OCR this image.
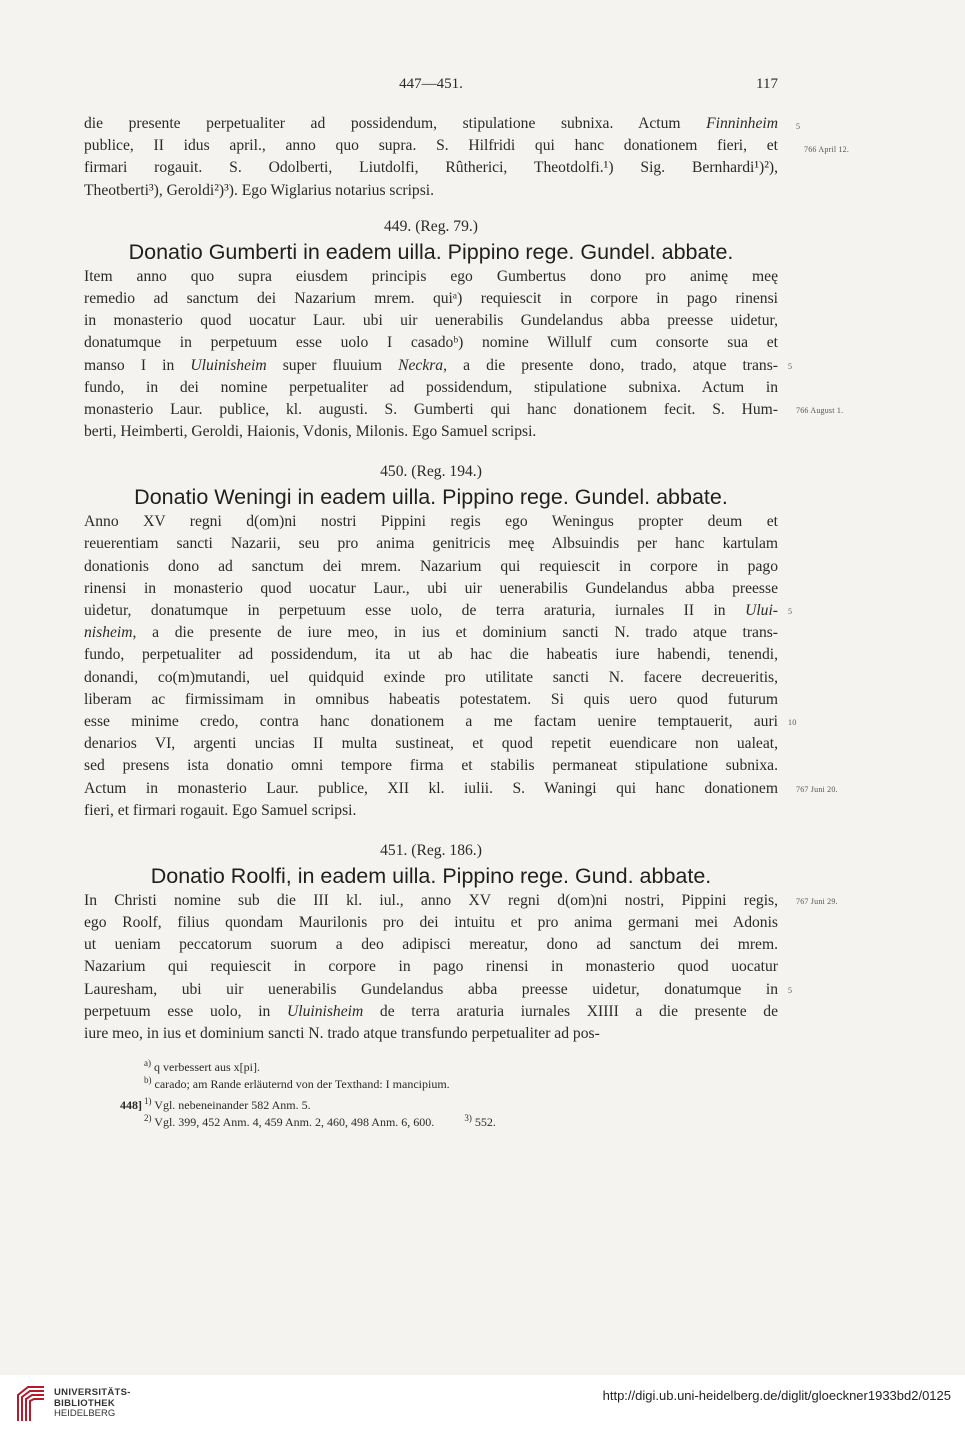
447—451.	117

die presente perpetualiter ad possidendum, stipulatione subnixa. Actum Finninheim

publice, II idus april., anno quo supra. S. Hilfridi qui hanc donationem fieri, et

firmari rogauit. S. Odolberti, Liutdolfi, Rûtherici, Theotdolfi.¹) Sig. Bernhardi¹)²),

Theotberti³), Geroldi²)³). Ego Wiglarius notarius scripsi.

449. (Reg. 79.)

Donatio Gumberti in eadem uilla. Pippino rege. Gundel. abbate.

Item anno quo supra eiusdem principis ego Gumbertus dono pro animę meę

remedio ad sanctum dei Nazarium mrem. quiᵃ) requiescit in corpore in pago rinensi

in monasterio quod uocatur Laur. ubi uir uenerabilis Gundelandus abba preesse uidetur,

donatumque in perpetuum esse uolo I casadoᵇ) nomine Willulf cum consorte sua et

manso I in Uluinisheim super fluuium Neckra, a die presente dono, trado, atque trans- 5

fundo, in dei nomine perpetualiter ad possidendum, stipulatione subnixa. Actum in

monasterio Laur. publice, kl. augusti. S. Gumberti qui hanc donationem fecit. S. Hum- 766 August 1.

berti, Heimberti, Geroldi, Haionis, Vdonis, Milonis. Ego Samuel scripsi.

450. (Reg. 194.)

Donatio Weningi in eadem uilla. Pippino rege. Gundel. abbate.

Anno XV regni d(om)ni nostri Pippini regis ego Weningus propter deum et

reuerentiam sancti Nazarii, seu pro anima genitricis meę Albsuindis per hanc kartulam

donationis dono ad sanctum dei mrem. Nazarium qui requiescit in corpore in pago

rinensi in monasterio quod uocatur Laur., ubi uir uenerabilis Gundelandus abba preesse

uidetur, donatumque in perpetuum esse uolo, de terra araturia, iurnales II in Ului- 5

nisheim, a die presente de iure meo, in ius et dominium sancti N. trado atque trans-

fundo, perpetualiter ad possidendum, ita ut ab hac die habeatis iure habendi, tenendi,

donandi, co(m)mutandi, uel quidquid exinde pro utilitate sancti N. facere decreueritis,

liberam ac firmissimam in omnibus habeatis potestatem. Si quis uero quod futurum

esse minime credo, contra hanc donationem a me factam uenire temptauerit, auri 10

denarios VI, argenti uncias II multa sustineat, et quod repetit euendicare non ualeat,

sed presens ista donatio omni tempore firma et stabilis permaneat stipulatione subnixa.

Actum in monasterio Laur. publice, XII kl. iulii. S. Waningi qui hanc donationem 767 Juni 20.

fieri, et firmari rogauit. Ego Samuel scripsi.

451. (Reg. 186.)

Donatio Roolfi, in eadem uilla. Pippino rege. Gund. abbate.

In Christi nomine sub die III kl. iul., anno XV regni d(om)ni nostri, Pippini regis, 767 Juni 29.

ego Roolf, filius quondam Maurilonis pro dei intuitu et pro anima germani mei Adonis

ut ueniam peccatorum suorum a deo adipisci mereatur, dono ad sanctum dei mrem.

Nazarium qui requiescit in corpore in pago rinensi in monasterio quod uocatur

Lauresham, ubi uir uenerabilis Gundelandus abba preesse uidetur, donatumque in 5

perpetuum esse uolo, in Uluinisheim de terra araturia iurnales XIIII a die presente de

iure meo, in ius et dominium sancti N. trado atque transfundo perpetualiter ad pos-

$^{a)}$ q verbessert aus x[pi].

$^{b)}$ carado; am Rande erläuternd von der Texthand: I mancipium.

448] $^{1)}$ Vgl. nebeneinander 582 Anm. 5.

$^{2)}$ Vgl. 399, 452 Anm. 4, 459 Anm. 2, 460, 498 Anm. 6, 600.	$^{3)}$ 552.

5
766 April 12.
UNIVERSITÄTS-
BIBLIOTHEK
HEIDELBERG
http://digi.ub.uni-heidelberg.de/diglit/gloeckner1933bd2/0125
